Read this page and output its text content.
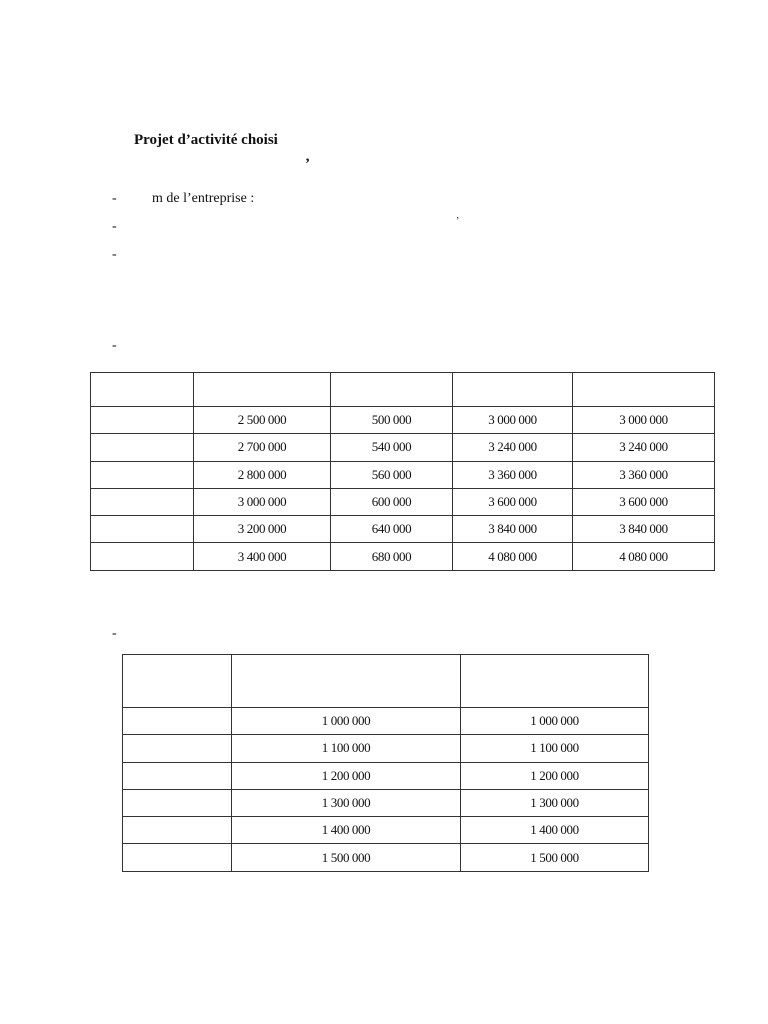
Projet d’activité choisi
’
-	m de l’entreprise :
-	’
-
-

	2 500 000	500 000	3 000 000	3 000 000
	2 700 000	540 000	3 240 000	3 240 000
	2 800 000	560 000	3 360 000	3 360 000
	3 000 000	600 000	3 600 000	3 600 000
	3 200 000	640 000	3 840 000	3 840 000
	3 400 000	680 000	4 080 000	4 080 000
-

	1 000 000	1 000 000
	1 100 000	1 100 000
	1 200 000	1 200 000
	1 300 000	1 300 000
	1 400 000	1 400 000
	1 500 000	1 500 000
